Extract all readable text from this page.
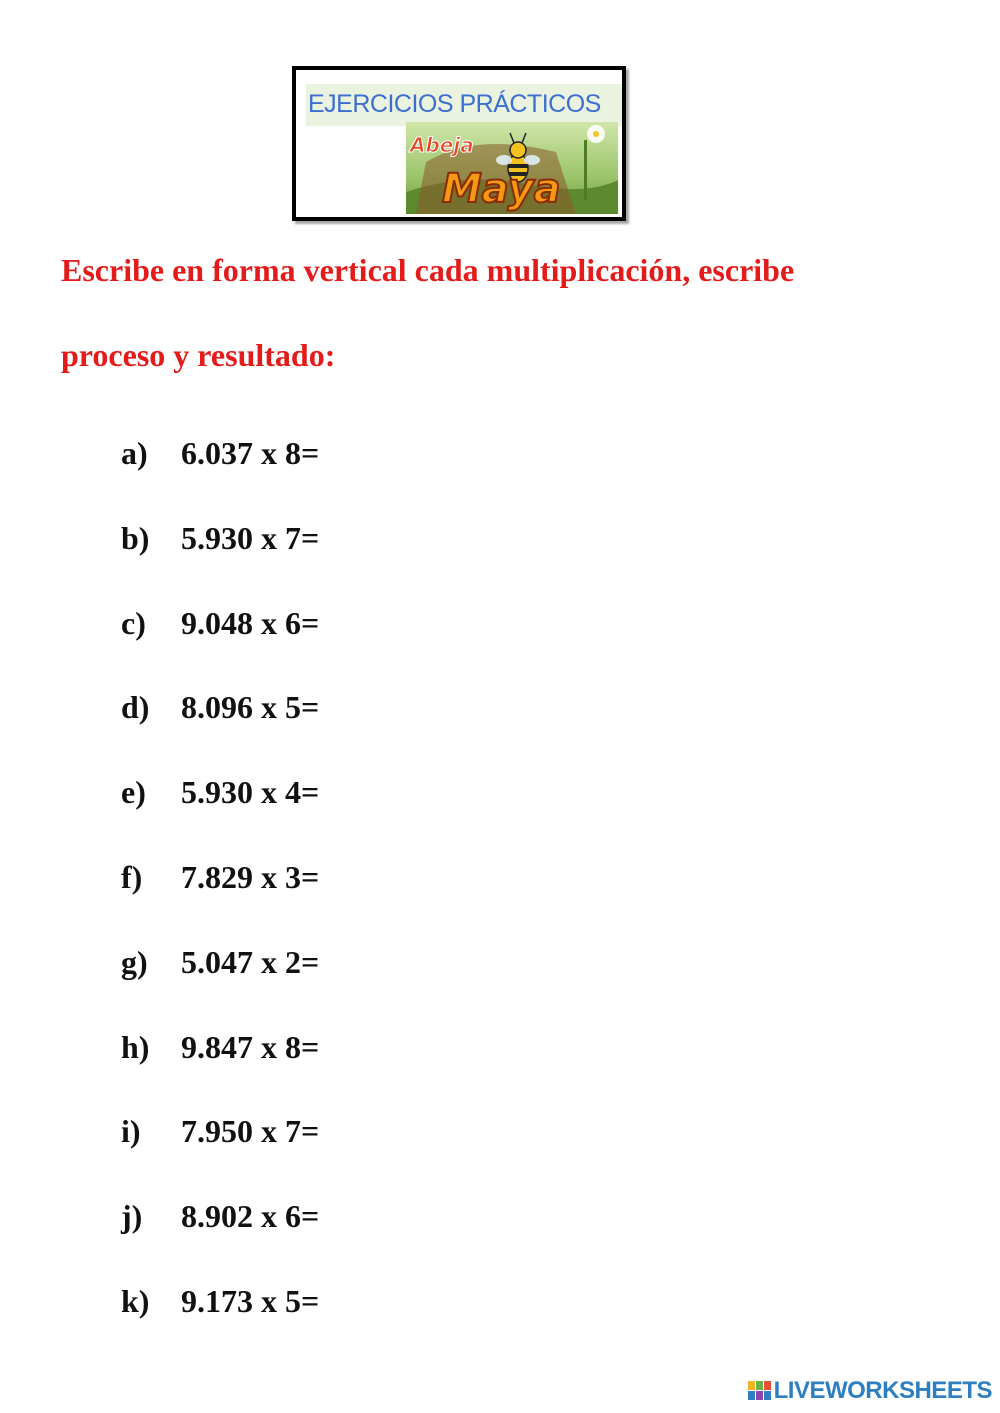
EJERCICIOS PRÁCTICOS
Abeja
Maya
Escribe en forma vertical cada multiplicación, escribe
proceso y resultado:
a) 6.037 x 8=
b) 5.930 x 7=
c) 9.048 x 6=
d) 8.096 x 5=
e) 5.930 x 4=
f) 7.829 x 3=
g) 5.047 x 2=
h) 9.847 x 8=
i) 7.950 x 7=
j) 8.902 x 6=
k) 9.173 x 5=
LIVEWORKSHEETS
